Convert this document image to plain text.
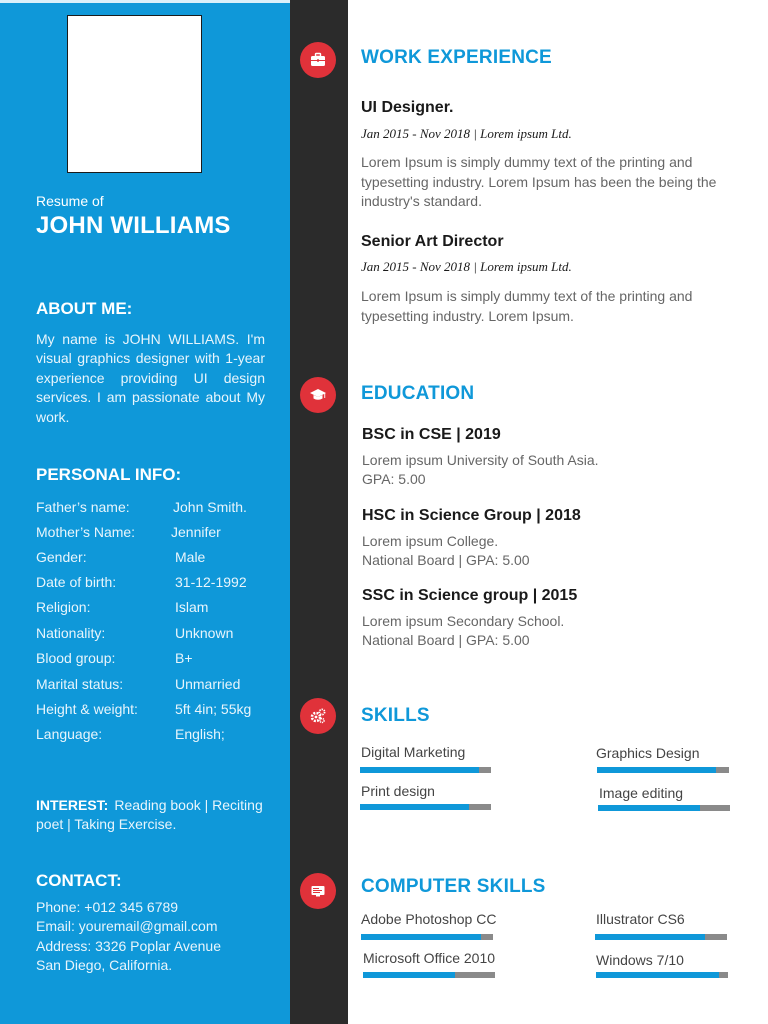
Resume of
JOHN WILLIAMS
ABOUT ME:
My name is JOHN WILLIAMS. I'm visual graphics designer with 1-year experience providing UI design services. I am passionate about My work.
PERSONAL INFO:
Father’s name:	John Smith.
Mother’s Name:	Jennifer
Gender:	Male
Date of birth:	31-12-1992
Religion:	Islam
Nationality:	Unknown
Blood group:	B+
Marital status:	Unmarried
Height & weight:	5ft 4in; 55kg
Language:	English;
INTEREST: Reading book | Reciting poet | Taking Exercise.
CONTACT:
Phone: +012 345 6789
Email: youremail@gmail.com
Address: 3326 Poplar Avenue
San Diego, California.
WORK EXPERIENCE
UI Designer.
Jan 2015 - Nov 2018 | Lorem ipsum Ltd.
Lorem Ipsum is simply dummy text of the printing and typesetting industry. Lorem Ipsum has been the being the industry's standard.
Senior Art Director
Jan 2015 - Nov 2018 | Lorem ipsum Ltd.
Lorem Ipsum is simply dummy text of the printing and typesetting industry. Lorem Ipsum.
EDUCATION
BSC in CSE | 2019
Lorem ipsum University of South Asia.
GPA: 5.00
HSC in Science Group | 2018
Lorem ipsum College.
National Board | GPA: 5.00
SSC in Science group | 2015
Lorem ipsum Secondary School.
National Board | GPA: 5.00
SKILLS
Digital Marketing	Graphics Design
Print design	Image editing
COMPUTER SKILLS
Adobe Photoshop CC	Illustrator CS6
Microsoft Office 2010	Windows 7/10
